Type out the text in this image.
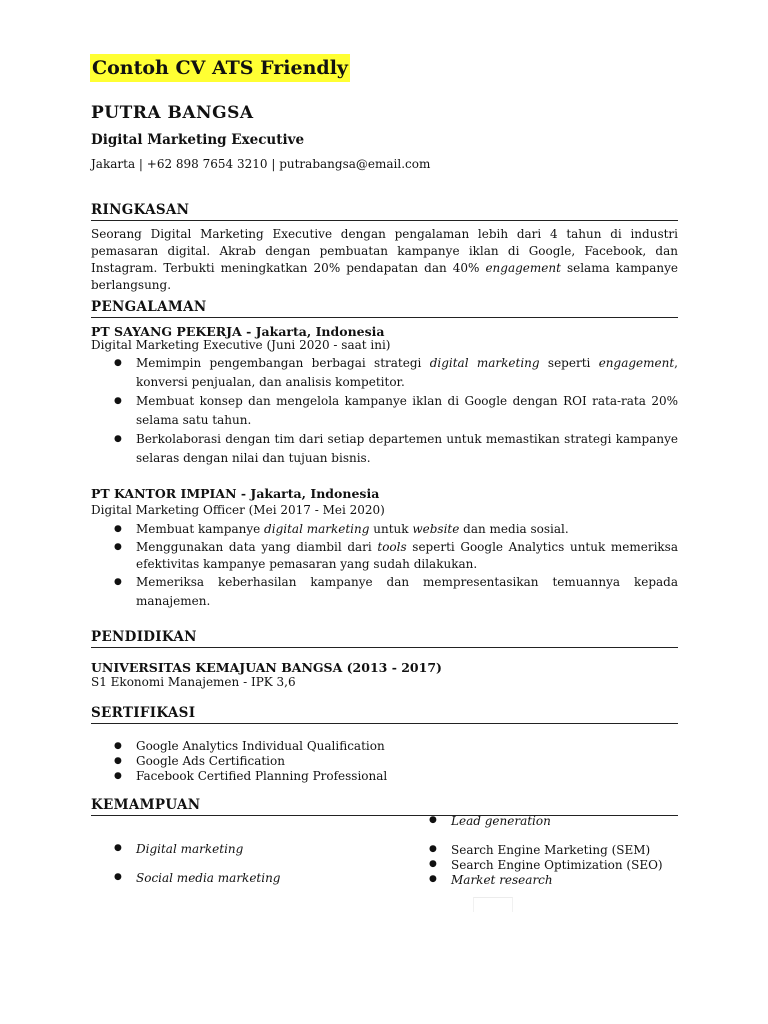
Contoh CV ATS Friendly
PUTRA BANGSA
Digital Marketing Executive
Jakarta | +62 898 7654 3210 | putrabangsa@email.com
RINGKASAN
Seorang Digital Marketing Executive dengan pengalaman lebih dari 4 tahun di industri pemasaran digital. Akrab dengan pembuatan kampanye iklan di Google, Facebook, dan Instagram. Terbukti meningkatkan 20% pendapatan dan 40% engagement selama kampanye berlangsung.
PENGALAMAN
PT SAYANG PEKERJA - Jakarta, Indonesia
Digital Marketing Executive (Juni 2020 - saat ini)
● Memimpin pengembangan berbagai strategi digital marketing seperti engagement, konversi penjualan, dan analisis kompetitor.
● Membuat konsep dan mengelola kampanye iklan di Google dengan ROI rata-rata 20% selama satu tahun.
● Berkolaborasi dengan tim dari setiap departemen untuk memastikan strategi kampanye selaras dengan nilai dan tujuan bisnis.
PT KANTOR IMPIAN - Jakarta, Indonesia
Digital Marketing Officer (Mei 2017 - Mei 2020)
● Membuat kampanye digital marketing untuk website dan media sosial.
● Menggunakan data yang diambil dari tools seperti Google Analytics untuk memeriksa efektivitas kampanye pemasaran yang sudah dilakukan.
● Memeriksa keberhasilan kampanye dan mempresentasikan temuannya kepada manajemen.
PENDIDIKAN
UNIVERSITAS KEMAJUAN BANGSA (2013 - 2017)
S1 Ekonomi Manajemen - IPK 3,6
SERTIFIKASI
● Google Analytics Individual Qualification
● Google Ads Certification
● Facebook Certified Planning Professional
KEMAMPUAN
● Digital marketing
● Social media marketing
● Lead generation
● Search Engine Marketing (SEM)
● Search Engine Optimization (SEO)
● Market research
